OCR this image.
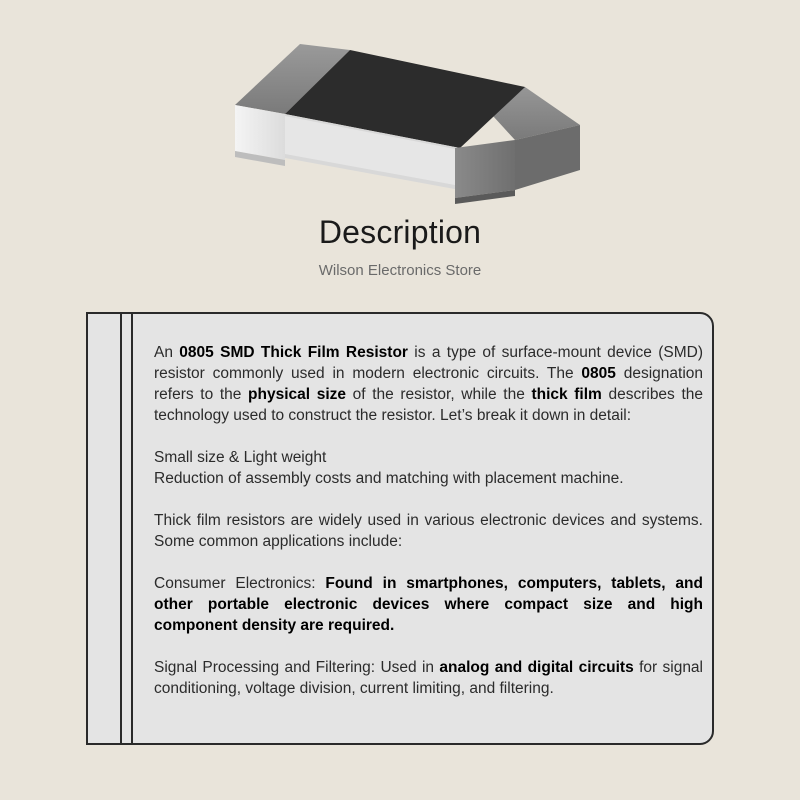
Description
Wilson Electronics Store

An 0805 SMD Thick Film Resistor is a type of surface-mount device (SMD) resistor commonly used in modern electronic circuits. The 0805 designation refers to the physical size of the resistor, while the thick film describes the technology used to construct the resistor. Let’s break it down in detail:

Small size & Light weight
Reduction of assembly costs and matching with placement machine.

Thick film resistors are widely used in various electronic devices and systems. Some common applications include:

Consumer Electronics: Found in smartphones, computers, tablets, and other portable electronic devices where compact size and high component density are required.

Signal Processing and Filtering: Used in analog and digital circuits for signal conditioning, voltage division, current limiting, and filtering.
